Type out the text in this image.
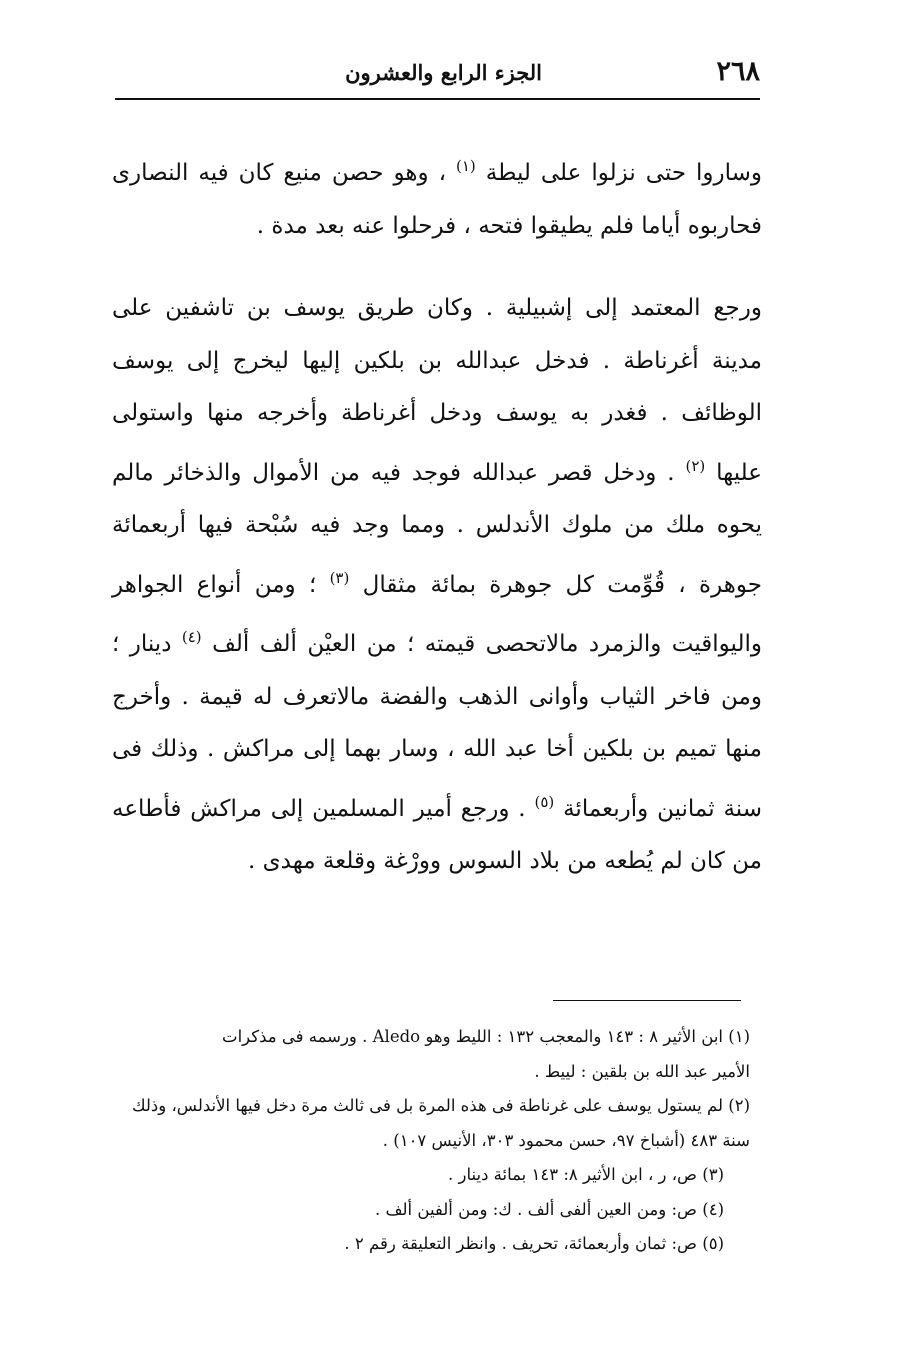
٢٦٨
الجزء الرابع والعشرون

وساروا حتى نزلوا على ليطة $^{(١)}$ ، وهو حصن منيع كان فيه النصارى فحاربوه أياما فلم يطيقوا فتحه ، فرحلوا عنه بعد مدة .

ورجع المعتمد إلى إشبيلية . وكان طريق يوسف بن تاشفين على مدينة أغرناطة . فدخل عبدالله بن بلكين إليها ليخرج إلى يوسف الوظائف . فغدر به يوسف ودخل أغرناطة وأخرجه منها واستولى عليها $^{(٢)}$ . ودخل قصر عبدالله فوجد فيه من الأموال والذخائر مالم يحوه ملك من ملوك الأندلس . ومما وجد فيه سُبْحة فيها أربعمائة جوهرة ، قُوِّمت كل جوهرة بمائة مثقال $^{(٣)}$ ؛ ومن أنواع الجواهر واليواقيت والزمرد مالاتحصى قيمته ؛ من العيْن ألف ألف $^{(٤)}$ دينار ؛ ومن فاخر الثياب وأوانى الذهب والفضة مالاتعرف له قيمة . وأخرج منها تميم بن بلكين أخا عبد الله ، وسار بهما إلى مراكش . وذلك فى سنة ثمانين وأربعمائة $^{(٥)}$ . ورجع أمير المسلمين إلى مراكش فأطاعه من كان لم يُطعه من بلاد السوس وورْغة وقلعة مهدى .

(١) ابن الأثير ٨ : ١٤٣ والمعجب ١٣٢ : الليط وهو Aledo . ورسمه فى مذكرات
الأمير عبد الله بن بلقين : لييط .
(٢) لم يستول يوسف على غرناطة فى هذه المرة بل فى ثالث مرة دخل فيها الأندلس، وذلك
سنة ٤٨٣ (أشباخ ٩٧، حسن محمود ٣٠٣، الأنيس ١٠٧) .
(٣) ص، ر ، ابن الأثير ٨: ١٤٣ بمائة دينار .
(٤) ص: ومن العين ألفى ألف . ك: ومن ألفين ألف .
(٥) ص: ثمان وأربعمائة، تحريف . وانظر التعليقة رقم ٢ .
